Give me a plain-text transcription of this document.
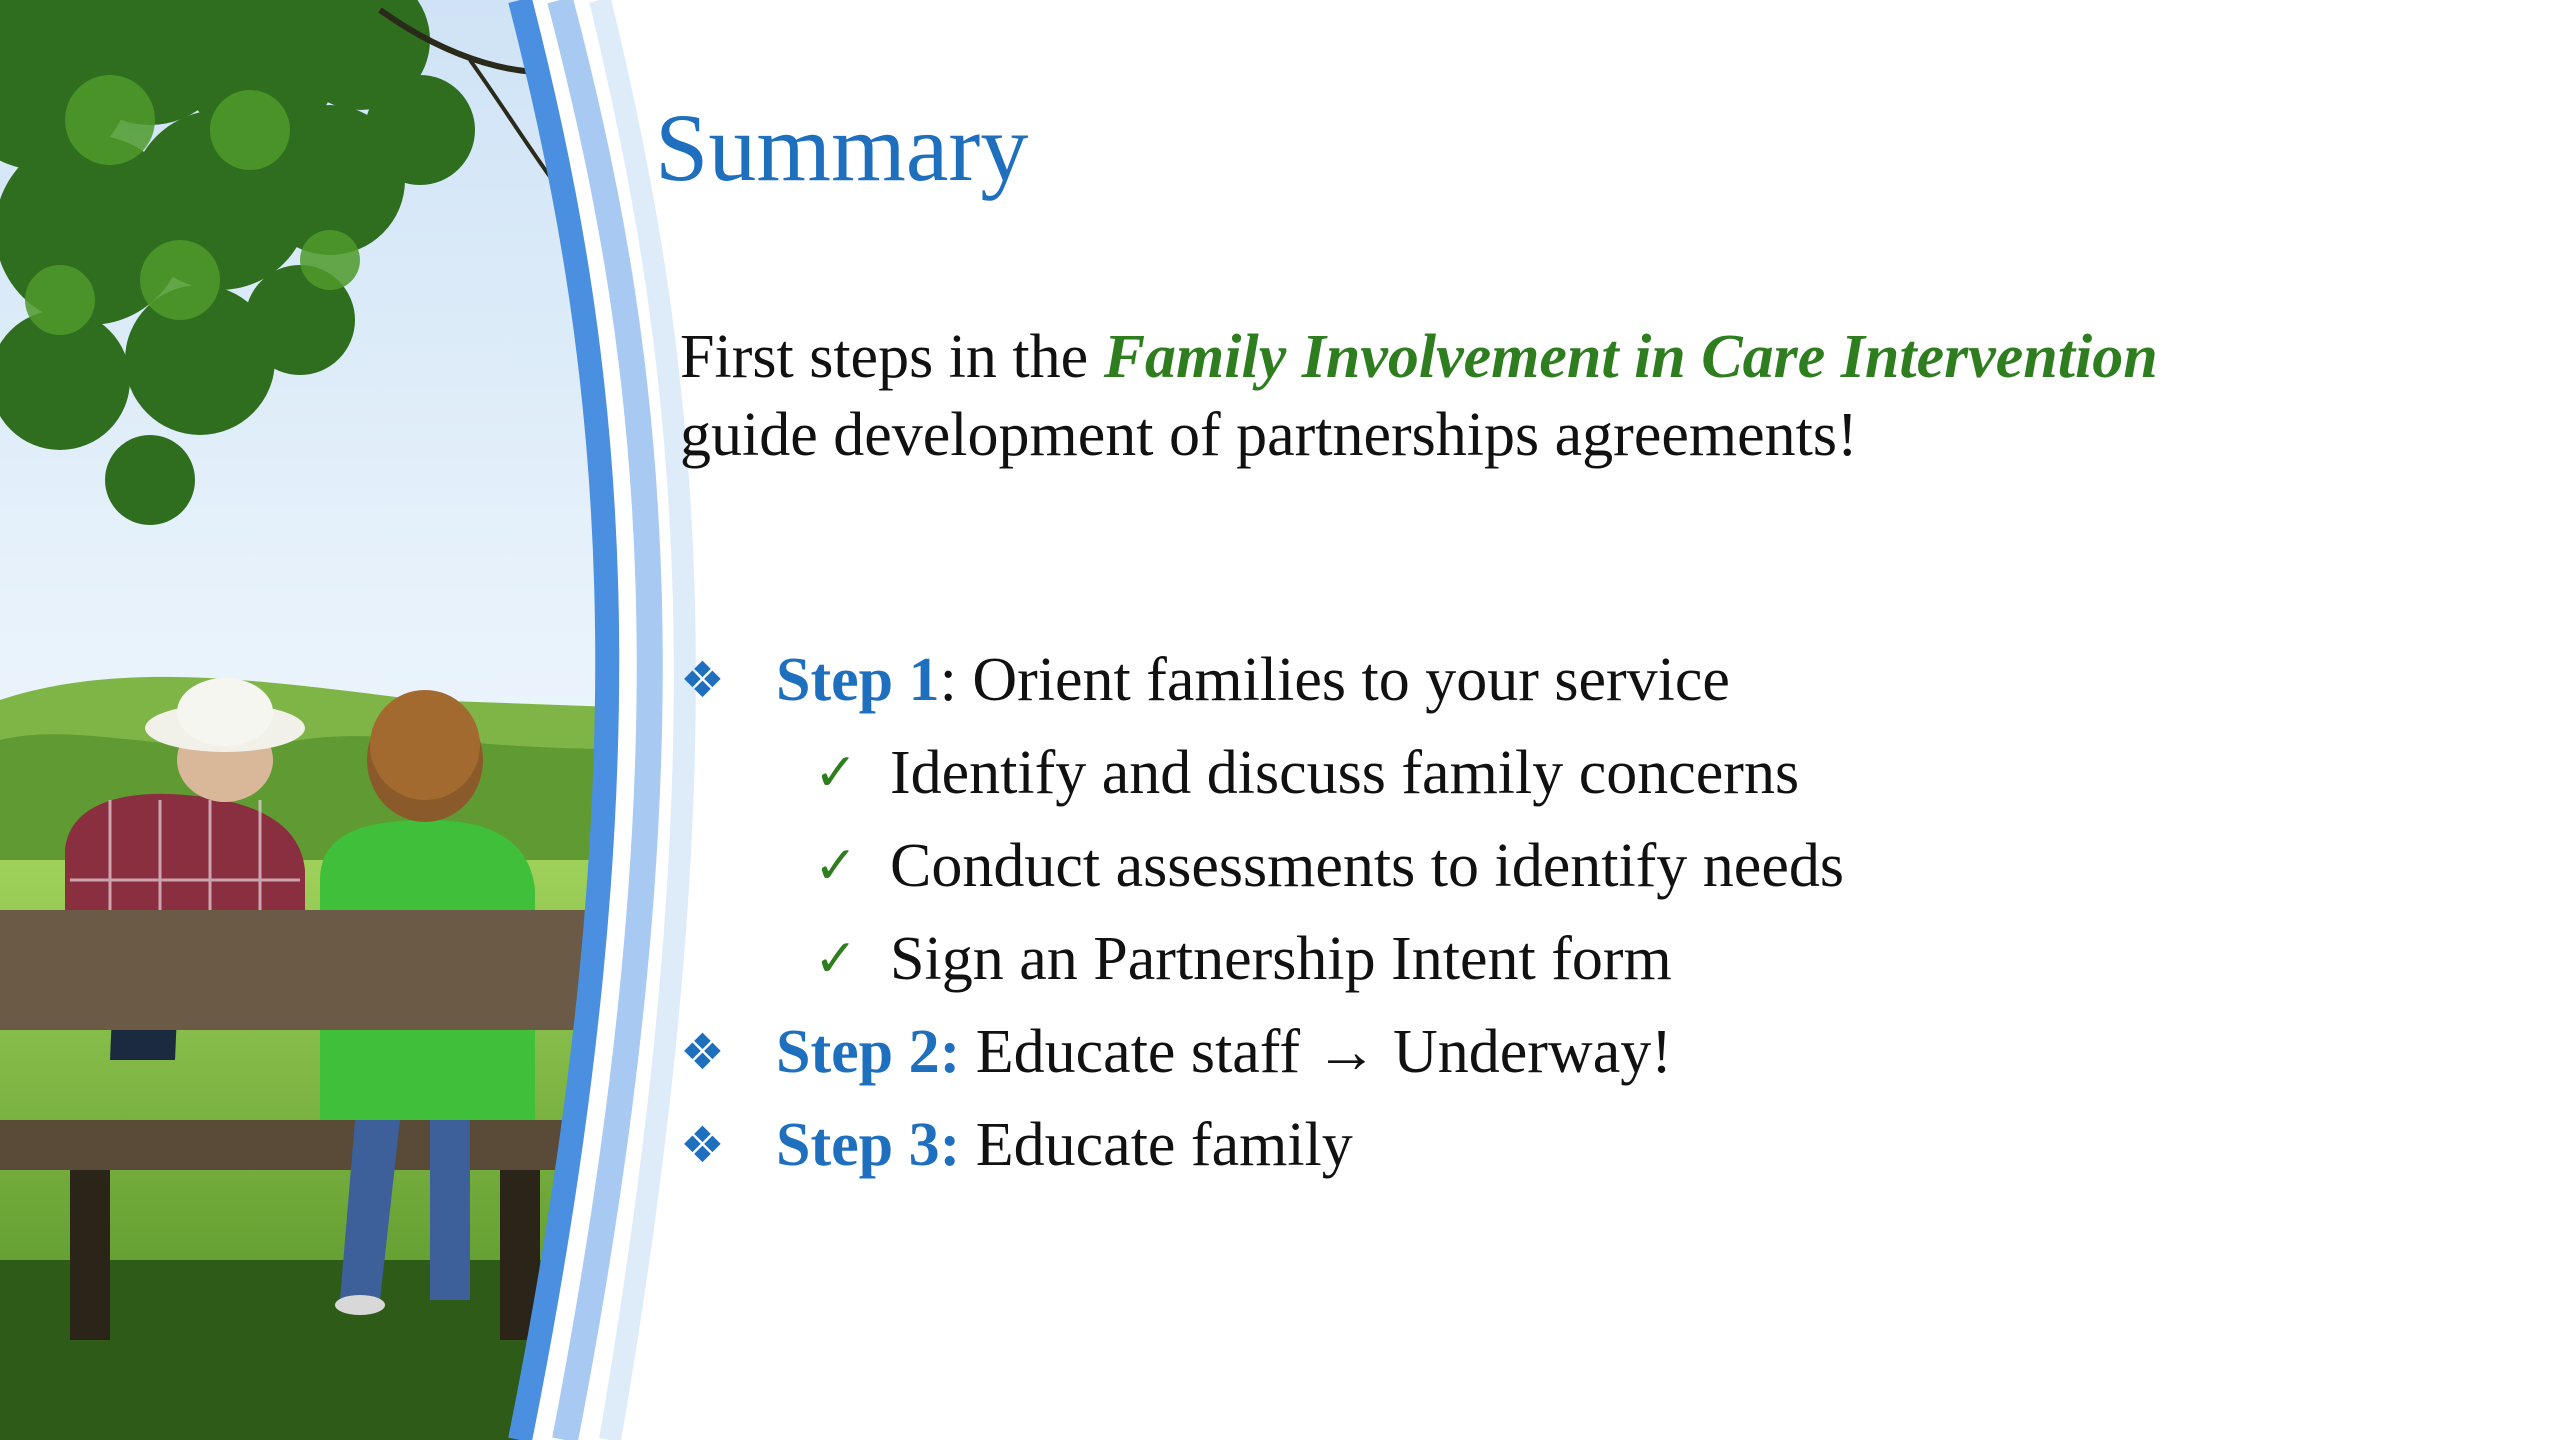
Summary
First steps in the Family Involvement in Care Intervention guide development of partnerships agreements!
❖ Step 1: Orient families to your service
✓ Identify and discuss family concerns
✓ Conduct assessments to identify needs
✓ Sign an Partnership Intent form
❖ Step 2: Educate staff → Underway!
❖ Step 3: Educate family
